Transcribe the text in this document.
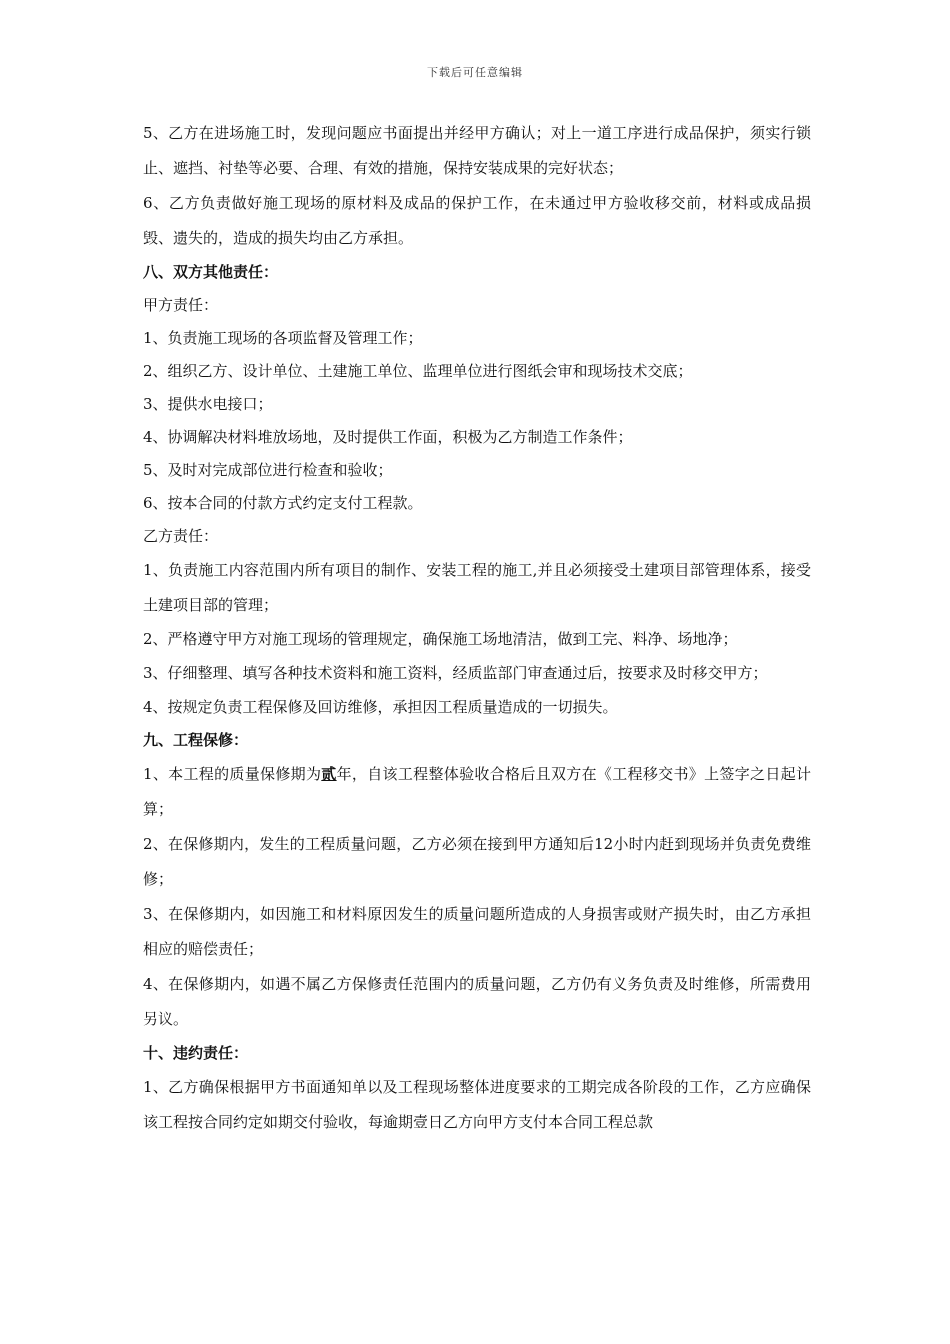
下载后可任意编辑

5、乙方在进场施工时，发现问题应书面提出并经甲方确认；对上一道工序进行成品保护，须实行锁止、遮挡、衬垫等必要、合理、有效的措施，保持安装成果的完好状态；

6、乙方负责做好施工现场的原材料及成品的保护工作，在未通过甲方验收移交前，材料或成品损毁、遗失的，造成的损失均由乙方承担。

八、双方其他责任：

甲方责任：

1、负责施工现场的各项监督及管理工作；

2、组织乙方、设计单位、土建施工单位、监理单位进行图纸会审和现场技术交底；

3、提供水电接口；

4、协调解决材料堆放场地，及时提供工作面，积极为乙方制造工作条件；

5、及时对完成部位进行检查和验收；

6、按本合同的付款方式约定支付工程款。

乙方责任：

1、负责施工内容范围内所有项目的制作、安装工程的施工,并且必须接受土建项目部管理体系，接受土建项目部的管理；

2、严格遵守甲方对施工现场的管理规定，确保施工场地清洁，做到工完、料净、场地净；

3、仔细整理、填写各种技术资料和施工资料，经质监部门审查通过后，按要求及时移交甲方；

4、按规定负责工程保修及回访维修，承担因工程质量造成的一切损失。

九、工程保修：

1、本工程的质量保修期为贰年，自该工程整体验收合格后且双方在《工程移交书》上签字之日起计算；

2、在保修期内，发生的工程质量问题，乙方必须在接到甲方通知后12小时内赶到现场并负责免费维修；

3、在保修期内，如因施工和材料原因发生的质量问题所造成的人身损害或财产损失时，由乙方承担相应的赔偿责任；

4、在保修期内，如遇不属乙方保修责任范围内的质量问题，乙方仍有义务负责及时维修，所需费用另议。

十、违约责任：

1、乙方确保根据甲方书面通知单以及工程现场整体进度要求的工期完成各阶段的工作，乙方应确保该工程按合同约定如期交付验收，每逾期壹日乙方向甲方支付本合同工程总款
